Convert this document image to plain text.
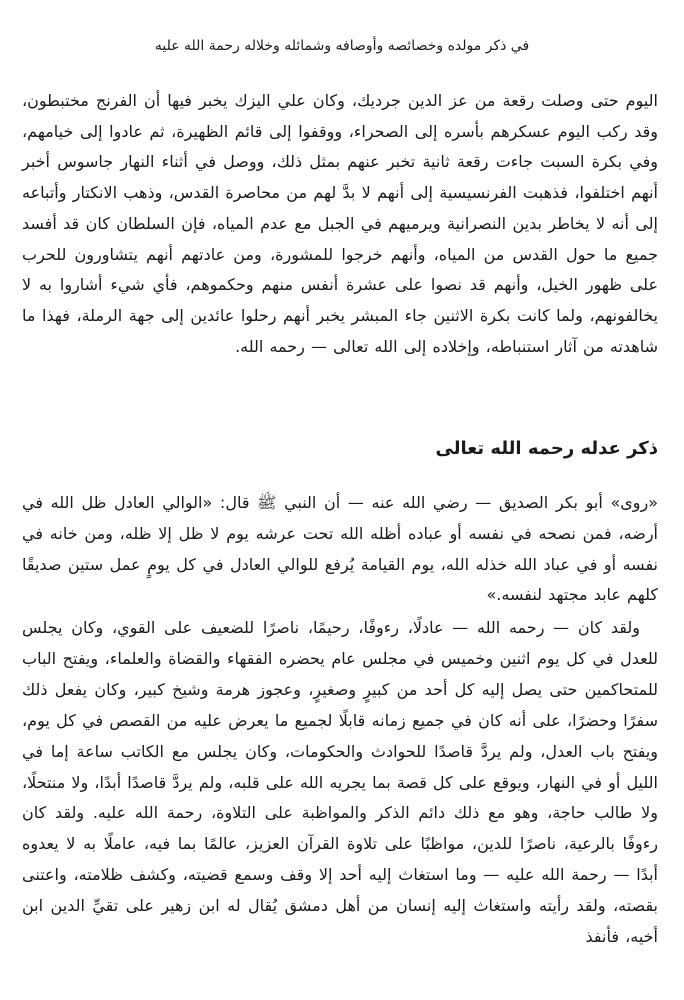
في ذكر مولده وخصائصه وأوصافه وشمائله وخلاله رحمة الله عليه

اليوم حتى وصلت رقعة من عز الدين جرديك، وكان علي اليزك يخبر فيها أن الفرنج مختبطون، وقد ركب اليوم عسكرهم بأسره إلى الصحراء، ووقفوا إلى قائم الظهيرة، ثم عادوا إلى خيامهم، وفي بكرة السبت جاءت رقعة ثانية تخبر عنهم بمثل ذلك، ووصل في أثناء النهار جاسوس أخبر أنهم اختلفوا، فذهبت الفرنسيسية إلى أنهم لا بدَّ لهم من محاصرة القدس، وذهب الانكتار وأتباعه إلى أنه لا يخاطر بدين النصرانية ويرميهم في الجبل مع عدم المياه، فإن السلطان كان قد أفسد جميع ما حول القدس من المياه، وأنهم خرجوا للمشورة، ومن عادتهم أنهم يتشاورون للحرب على ظهور الخيل، وأنهم قد نصوا على عشرة أنفس منهم وحكموهم، فأي شيء أشاروا به لا يخالفونهم، ولما كانت بكرة الاثنين جاء المبشر يخبر أنهم رحلوا عائدين إلى جهة الرملة، فهذا ما شاهدته من آثار استنباطه، وإخلاده إلى الله تعالى — رحمه الله.

ذكر عدله رحمه الله تعالى

«روى» أبو بكر الصديق — رضي الله عنه — أن النبي ﷺ قال: «الوالي العادل ظل الله في أرضه، فمن نصحه في نفسه أو عباده أظله الله تحت عرشه يوم لا ظل إلا ظله، ومن خانه في نفسه أو في عباد الله خذله الله، يوم القيامة يُرفع للوالي العادل في كل يومٍ عمل ستين صديقًا كلهم عابد مجتهد لنفسه.»

ولقد كان — رحمه الله — عادلًا، رءوفًا، رحيمًا، ناصرًا للضعيف على القوي، وكان يجلس للعدل في كل يوم اثنين وخميس في مجلس عام يحضره الفقهاء والقضاة والعلماء، ويفتح الباب للمتحاكمين حتى يصل إليه كل أحد من كبيرٍ وصغيرٍ، وعجوز هرمة وشيخ كبير، وكان يفعل ذلك سفرًا وحضرًا، على أنه كان في جميع زمانه قابلًا لجميع ما يعرض عليه من القصص في كل يوم، ويفتح باب العدل، ولم يردَّ قاصدًا للحوادث والحكومات، وكان يجلس مع الكاتب ساعة إما في الليل أو في النهار، ويوقع على كل قصة بما يجريه الله على قلبه، ولم يردَّ قاصدًا أبدًا، ولا منتحلًا، ولا طالب حاجة، وهو مع ذلك دائم الذكر والمواظبة على التلاوة، رحمة الله عليه. ولقد كان رءوفًا بالرعية، ناصرًا للدين، مواظبًا على تلاوة القرآن العزيز، عالمًا بما فيه، عاملًا به لا يعدوه أبدًا — رحمة الله عليه — وما استغاث إليه أحد إلا وقف وسمع قضيته، وكشف ظلامته، واعتنى بقصته، ولقد رأيته واستغاث إليه إنسان من أهل دمشق يُقال له ابن زهير على تقيِّ الدين ابن أخيه، فأنفذ
